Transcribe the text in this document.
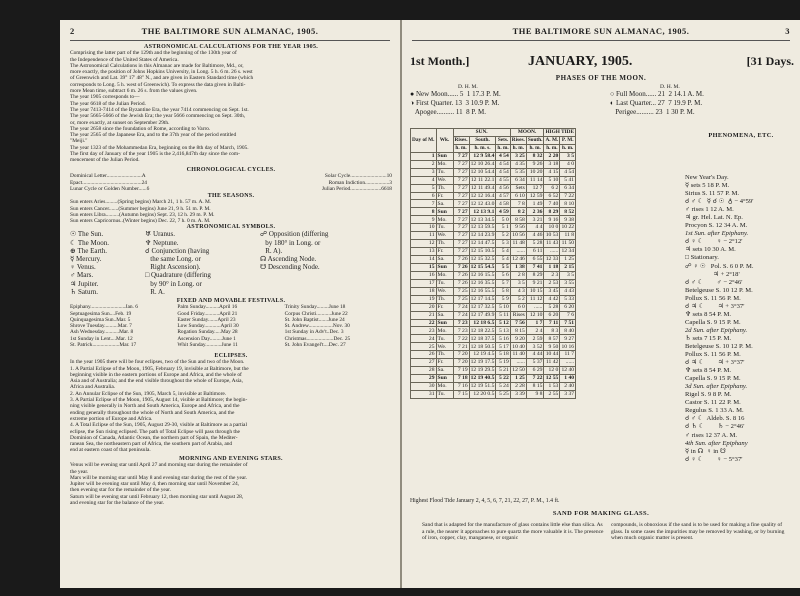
2	THE BALTIMORE SUN ALMANAC, 1905.
ASTRONOMICAL CALCULATIONS FOR THE YEAR 1905.
Comprising the latter part of the 129th and the beginning of the 130th year of
the Independence of the United States of America.
The Astronomical Calculations in this Almanac are made for Baltimore, Md., or,
more exactly, the position of Johns Hopkins University, in Long. 5 h. 6 m. 26 s. west
of Greenwich and Lat. 39° 17' 48" N., and are given in Eastern Standard time (which
corresponds to Long. 5 h. west of Greenwich). To express the data given in Balti-
more Mean time, subtract 6 m. 26 s. from the values given.
The year 1905 corresponds to—
The year 6618 of the Julian Period.
The year 7413-7414 of the Byzantine Era, the year 7414 commencing on Sept. 1st.
The year 5665-5666 of the Jewish Era; the year 5666 commencing on Sept. 30th,
or, more exactly, at sunset on September 29th.
The year 2658 since the foundation of Rome, according to Varro.
The year 2565 of the Japanese Era, and to the 37th year of the period entitled
"Meiji."
The year 1323 of the Mohammedan Era, beginning on the 8th day of March, 1905.
The first day of January of the year 1905 is the 2,416,847th day since the com-
mencement of the Julian Period.
CHRONOLOGICAL CYCLES.
Dominical Letter..........................A	Solar Cycle...........................10
Epact............................................24	Roman Indiction..................3
Lunar Cycle or Golden Number......6	Julian Period.......................6618
THE SEASONS.
Sun enters Aries.........(Spring begins) March 21, 1 h. 57 m. A. M.
Sun enters Cancer.......(Summer begins) June 21, 9 h. 51 m. P. M.
Sun enters Libra..........(Autumn begins) Sept. 23, 12 h. 29 m. P. M.
Sun enters Capricornus..(Winter begins) Dec. 22, 7 h. 0 m. A. M.
ASTRONOMICAL SYMBOLS.
☉ The Sun.
☾ The Moon.
⊕ The Earth.
☿ Mercury.
♀ Venus.
♂ Mars.
♃ Jupiter.
♄ Saturn.
♅ Uranus.
♆ Neptune.
☌ Conjunction (having
the same Long. or
Right Ascension).
□ Quadrature (differing
by 90° in Long. or
R. A.
☍ Opposition (differing
by 180° in Long. or
R. A).
☊ Ascending Node.
☋ Descending Node.
FIXED AND MOVABLE FESTIVALS.
Epiphany..........................Jan. 6
Septuagesima Sun....Feb. 19
Quinquagesima Sun..Mar. 5
Shrove Tuesday..........Mar. 7
Ash Wednesday...........Mar. 8
1st Sunday in Lent....Mar. 12
St. Patrick....................Mar. 17
Palm Sunday..........April 16
Good Friday...........April 21
Easter Sunday.......April 23
Low Sunday............April 30
Rogation Sunday.....May 28
Ascension Day.........June 1
Whit Sunday............June 11
Trinity Sunday.........June 18
Corpus Christi...........June 22
St. John Baptist.......June 24
St. Andrew..................Nov. 30
1st Sunday in Adv't..Dec. 3
Christmas....................Dec. 25
St. John Evangel't....Dec. 27
ECLIPSES.
In the year 1905 there will be four eclipses, two of the Sun and two of the Moon.
1. A Partial Eclipse of the Moon, 1905, February 19, invisible at Baltimore, but the
beginning visible in the eastern portions of Europe and Africa, and the whole of
Asia and of Australia; and the end visible throughout the whole of Europe, Asia,
Africa and Australia.
2. An Annular Eclipse of the Sun, 1905, March 5, invisible at Baltimore.
3. A Partial Eclipse of the Moon, 1905, August 14, visible at Baltimore; the begin-
ning visible generally in North and South America, Europe and Africa, and the
ending generally throughout the whole of North and South America, and the
extreme portion of Europe and Africa.
4. A Total Eclipse of the Sun, 1905, August 29-30, visible at Baltimore as a partial
eclipse, the Sun rising eclipsed. The path of Total Eclipse will pass through the
Dominion of Canada, Atlantic Ocean, the northern part of Spain, the Mediter-
ranean Sea, the northeastern part of Africa, the southern part of Arabia, and
end at eastern coast of that peninsula.
MORNING AND EVENING STARS.
Venus will be evening star until April 27 and morning star during the remainder of
the year.
Mars will be morning star until May 8 and evening star during the rest of the year.
Jupiter will be evening star until May 4, then morning star until November 24,
then evening star for the remainder of the year.
Saturn will be evening star until February 12, then morning star until August 28,
and evening star for the balance of the year.
THE BALTIMORE SUN ALMANAC, 1905.	3
1st Month.]	JANUARY, 1905.	[31 Days.
PHASES OF THE MOON.
D. H. M.	D. H. M.
● New Moon...... 5  1 17.3 P. M.
◑ First Quarter. 13  3 10.9 P. M.
Apogee.......... 11  8 P. M.
○ Full Moon...... 21  2 14.1 A. M.
◐ Last Quarter... 27  7 19.9 P. M.
Perigee.......... 23  1 30 P. M.
Day of M.	Wk.	SUN.			MOON.		HIGH TIDE	
		Rises.	South.	Sets.	Rises.	South.	A. M.	P. M.
		h. m.	h. m. s.	h. m.	h. m.	h. m.	h. m.	h. m.
1	Sun	7 27	12 9 58.4	4 54	3 25	8 32	2 20	3 5
2	Mo.	7 27	12 10 26.4	4 54	4 35	9 26	3 18	4 0
3	Tu.	7 27	12 10 54.4	4 54	5 35	10 20	4 15	4 54
4	We.	7 27	12 11 22.1	4 55	6 34	11 14	5 10	5 41
5	Th.	7 27	12 11 49.4	4 56	Sets	12 7	6 2	6 34
6	Fr.	7 27	12 12 16.4	4 57	6 10	12 59	6 52	7 22
7	Sa.	7 27	12 12 43.0	4 58	7 8	1 49	7 40	8 10
8	Sun	7 27	12 13 9.1	4 59	8 2	2 36	8 29	8 52
9	Mo.	7 27	12 13 34.5	5 0	8 58	3 21	9 16	9 38
10	Tu.	7 27	12 13 59.5	5 1	9 56	4 4	10 0	10 22
11	We.	7 27	12 14 23.9	5 2	10 56	4 46	10 53	11 8
12	Th.	7 27	12 14 47.5	5 3	11 48	5 28	11 43	11 50
13	Fr.	7 27	12 15 10.5	5 4	......	6 11	......	12 34
14	Sa.	7 26	12 15 32.5	5 4	12 46	6 55	12 33	1 25
15	Sun	7 26	12 15 54.5	5 5	1 38	7 41	1 18	2 15
16	Mo.	7 26	12 16 15.5	5 6	2 8	8 29	2 3	3 5
17	Tu.	7 26	12 16 35.5	5 7	3 5	9 21	2 53	3 55
18	We.	7 25	12 16 55.5	5 8	4 3	10 15	3 45	4 43
19	Th.	7 25	12 17 14.5	5 9	5 2	11 12	4 42	5 33
20	Fr.	7 24	12 17 32.5	5 10	6 0	......	5 28	6 20
21	Sa.	7 24	12 17 49.9	5 11	Rises	12 10	6 20	7 6
22	Sun	7 23	12 18 6.5	5 12	7 56	1 7	7 11	7 51
23	Mo.	7 23	12 18 22.5	5 13	8 15	2 4	8 3	8 40
24	Tu.	7 22	12 18 37.5	5 16	9 20	2 59	8 57	9 27
25	We.	7 21	12 18 50.5	5 17	10 40	3 52	9 50	10 16
26	Th.	7 20	12 19 4.5	5 18	11 40	4 44	10 44	11 7
27	Fr.	7 20	12 19 17.5	5 19	......	5 37	11 42	......
28	Sa.	7 19	12 19 29.5	5 21	12 50	6 29	12 0	12 40
29	Sun	7 18	12 19 40.5	5 22	1 25	7 22	12 55	1 40
30	Mo.	7 16	12 19 51.5	5 24	2 28	8 15	1 53	2 40
31	Tu.	7 15	12 20 0.5	5 25	3 39	9 8	2 55	3 37
PHENOMENA, ETC.
New Year's Day.
☿ sets 5 18 P. M.
Sirius S. 11 57 P. M.
☌ ♂ ☾  ☿ ☌ ☉  ♁ − 4°59'
♂ rises 1 12 A. M.
♃ gr. Hel. Lat. N. Ep.
Procyon S. 12 34 A. M.
1st Sun. after Epiphany.
☌ ♀ ☾        ♀ − 2°12'
♃ sets 10 30 A. M.
□ Stationary.
☍ ♀ ☉   Pol. S. 6 0 P. M.
♃ + 2°18'
☌ ♂ ☾        ♂ − 2°46'
Betelgeuse S. 10 12 P. M.
Pollux S. 11 56 P. M.
☌ ♃ ☾        ♃ + 3°37'
♆ sets 8 54 P. M.
Capella S. 9 15 P. M.
2d Sun. after Epiphany.
♄ sets 7 15 P. M.
Betelgeuse S. 10 12 P. M.
Pollux S. 11 56 P. M.
☌ ♃ ☾        ♃ + 3°37'
♆ sets 8 54 P. M.
Capella S. 9 15 P. M.
3d Sun. after Epiphany.
Rigel S. 9 8 P. M.
Castor S. 11 22 P. M.
Regulus S. 1 33 A. M.
☌ ♂ ☾  Aldeb. S. 8 16
☌ ♄ ☾        ♄ − 2°46'
♂ rises 12 37 A. M.
4th Sun. after Epiphany
☿ in ☊  ♀ in ☋
☌ ♀ ☾        ♀ − 5°37'
Highest Flood Tide January 2, 4, 5, 6, 7, 21, 22, 27, P. M., 1.4 ft.
SAND FOR MAKING GLASS.
Sand that is adapted for the manufacture of glass contains little else than silica. As a rule, the nearer it approaches to pure quartz the more valuable it is. The presence of iron, copper, clay, manganese, or organic
compounds, is obnoxious if the sand is to be used for making a fine quality of glass. In some cases the impurities may be removed by washing, or by burning when much organic matter is present.
